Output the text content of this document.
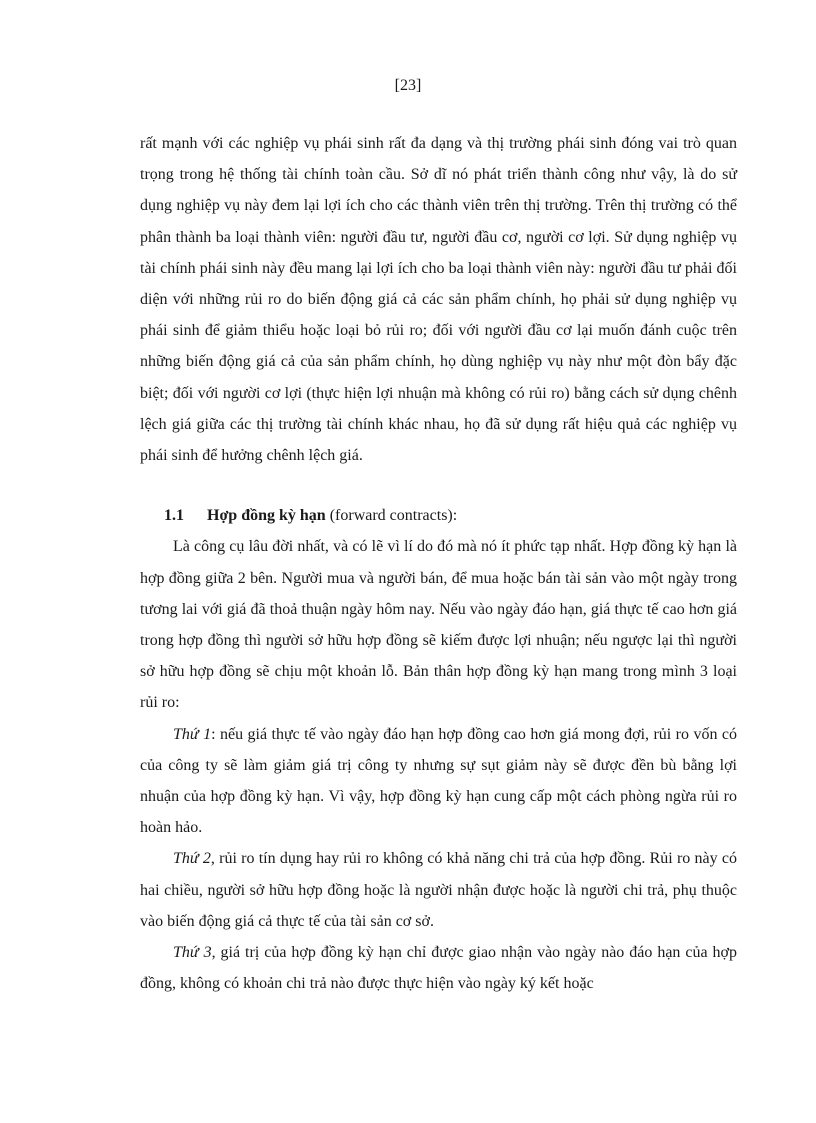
[23]

rất mạnh với các nghiệp vụ phái sinh rất đa dạng và thị trường phái sinh đóng vai trò quan trọng trong hệ thống tài chính toàn cầu. Sở dĩ nó phát triển thành công như vậy, là do sử dụng nghiệp vụ này đem lại lợi ích cho các thành viên trên thị trường. Trên thị trường có thể phân thành ba loại thành viên: người đầu tư, người đầu cơ, người cơ lợi. Sử dụng nghiệp vụ tài chính phái sinh này đều mang lại lợi ích cho ba loại thành viên này: người đầu tư phải đối diện với những rủi ro do biến động giá cả các sản phẩm chính, họ phải sử dụng nghiệp vụ phái sinh để giảm thiểu hoặc loại bỏ rủi ro; đối với người đầu cơ lại muốn đánh cuộc trên những biến động giá cả của sản phẩm chính, họ dùng nghiệp vụ này như một đòn bẩy đặc biệt; đối với người cơ lợi (thực hiện lợi nhuận mà không có rủi ro) bằng cách sử dụng chênh lệch giá giữa các thị trường tài chính khác nhau, họ đã sử dụng rất hiệu quả các nghiệp vụ phái sinh để hưởng chênh lệch giá.

1.1 Hợp đồng kỳ hạn (forward contracts):

Là công cụ lâu đời nhất, và có lẽ vì lí do đó mà nó ít phức tạp nhất. Hợp đồng kỳ hạn là hợp đồng giữa 2 bên. Người mua và người bán, để mua hoặc bán tài sản vào một ngày trong tương lai với giá đã thoả thuận ngày hôm nay. Nếu vào ngày đáo hạn, giá thực tế cao hơn giá trong hợp đồng thì người sở hữu hợp đồng sẽ kiếm được lợi nhuận; nếu ngược lại thì người sở hữu hợp đồng sẽ chịu một khoản lỗ. Bản thân hợp đồng kỳ hạn mang trong mình 3 loại rủi ro:

Thứ 1: nếu giá thực tế vào ngày đáo hạn hợp đồng cao hơn giá mong đợi, rủi ro vốn có của công ty sẽ làm giảm giá trị công ty nhưng sự sụt giảm này sẽ được đền bù bằng lợi nhuận của hợp đồng kỳ hạn. Vì vậy, hợp đồng kỳ hạn cung cấp một cách phòng ngừa rủi ro hoàn hảo.

Thứ 2, rủi ro tín dụng hay rủi ro không có khả năng chi trả của hợp đồng. Rủi ro này có hai chiều, người sở hữu hợp đồng hoặc là người nhận được hoặc là người chi trả, phụ thuộc vào biến động giá cả thực tế của tài sản cơ sở.

Thứ 3, giá trị của hợp đồng kỳ hạn chỉ được giao nhận vào ngày nào đáo hạn của hợp đồng, không có khoản chi trả nào được thực hiện vào ngày ký kết hoặc
